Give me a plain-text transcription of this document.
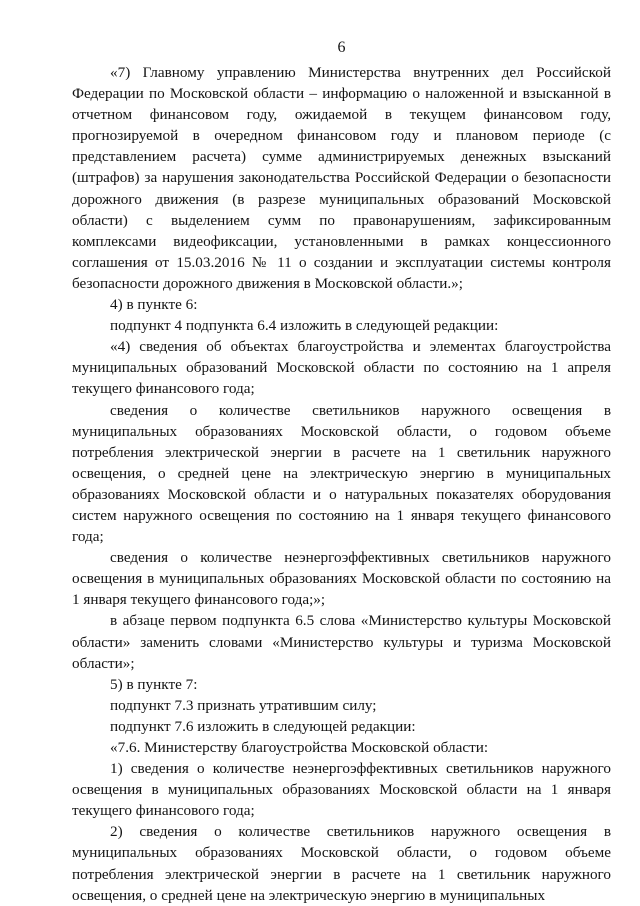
6

«7) Главному управлению Министерства внутренних дел Российской Федерации по Московской области – информацию о наложенной и взысканной в отчетном финансовом году, ожидаемой в текущем финансовом году, прогнозируемой в очередном финансовом году и плановом периоде (с представлением расчета) сумме администрируемых денежных взысканий (штрафов) за нарушения законодательства Российской Федерации о безопасности дорожного движения (в разрезе муниципальных образований Московской области) с выделением сумм по правонарушениям, зафиксированным комплексами видеофиксации, установленными в рамках концессионного соглашения от 15.03.2016 № 11 о создании и эксплуатации системы контроля безопасности дорожного движения в Московской области.»;

4) в пункте 6:

подпункт 4 подпункта 6.4 изложить в следующей редакции:

«4) сведения об объектах благоустройства и элементах благоустройства муниципальных образований Московской области по состоянию на 1 апреля текущего финансового года;

сведения о количестве светильников наружного освещения в муниципальных образованиях Московской области, о годовом объеме потребления электрической энергии в расчете на 1 светильник наружного освещения, о средней цене на электрическую энергию в муниципальных образованиях Московской области и о натуральных показателях оборудования систем наружного освещения по состоянию на 1 января текущего финансового года;

сведения о количестве неэнергоэффективных светильников наружного освещения в муниципальных образованиях Московской области по состоянию на 1 января текущего финансового года;»;

в абзаце первом подпункта 6.5 слова «Министерство культуры Московской области» заменить словами «Министерство культуры и туризма Московской области»;

5) в пункте 7:

подпункт 7.3 признать утратившим силу;

подпункт 7.6 изложить в следующей редакции:

«7.6. Министерству благоустройства Московской области:

1) сведения о количестве неэнергоэффективных светильников наружного освещения в муниципальных образованиях Московской области на 1 января текущего финансового года;

2) сведения о количестве светильников наружного освещения в муниципальных образованиях Московской области, о годовом объеме потребления электрической энергии в расчете на 1 светильник наружного освещения, о средней цене на электрическую энергию в муниципальных
